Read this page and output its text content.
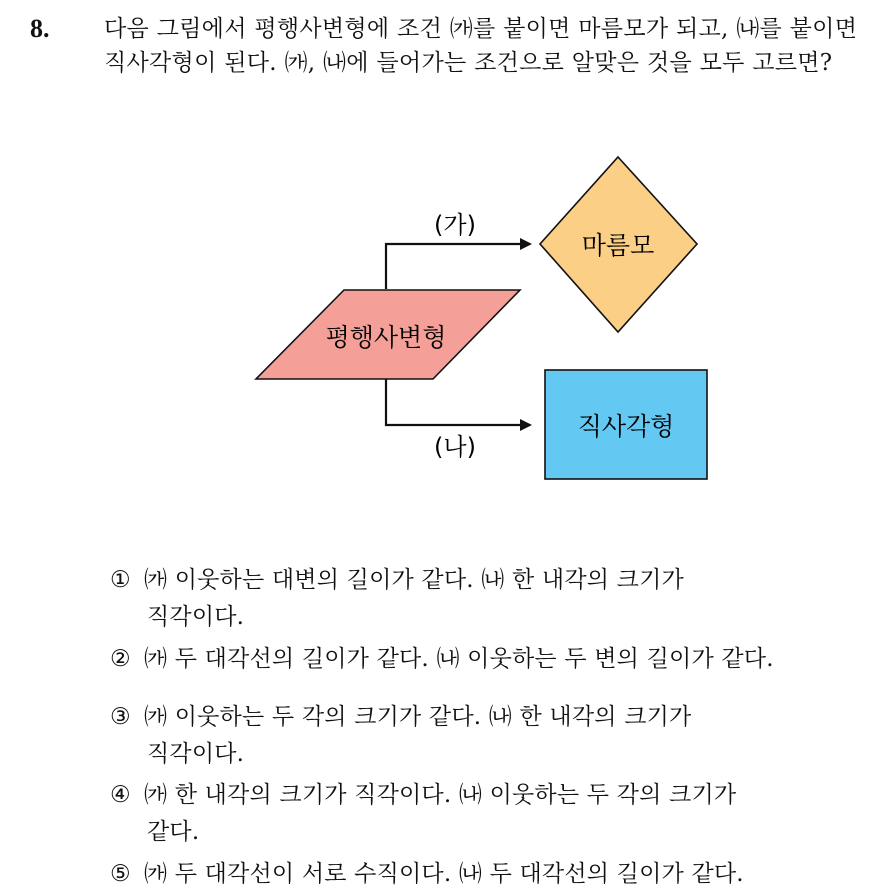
8. 다음 그림에서 평행사변형에 조건 ㈎를 붙이면 마름모가 되고, ㈏를 붙이면 직사각형이 된다. ㈎, ㈏에 들어가는 조건으로 알맞은 것을 모두 고르면?
평행사변형
마름모
직사각형
(가)
(나)
① ㈎ 이웃하는 대변의 길이가 같다. ㈏ 한 내각의 크기가
직각이다.
② ㈎ 두 대각선의 길이가 같다. ㈏ 이웃하는 두 변의 길이가 같다.
③ ㈎ 이웃하는 두 각의 크기가 같다. ㈏ 한 내각의 크기가
직각이다.
④ ㈎ 한 내각의 크기가 직각이다. ㈏ 이웃하는 두 각의 크기가
같다.
⑤ ㈎ 두 대각선이 서로 수직이다. ㈏ 두 대각선의 길이가 같다.
